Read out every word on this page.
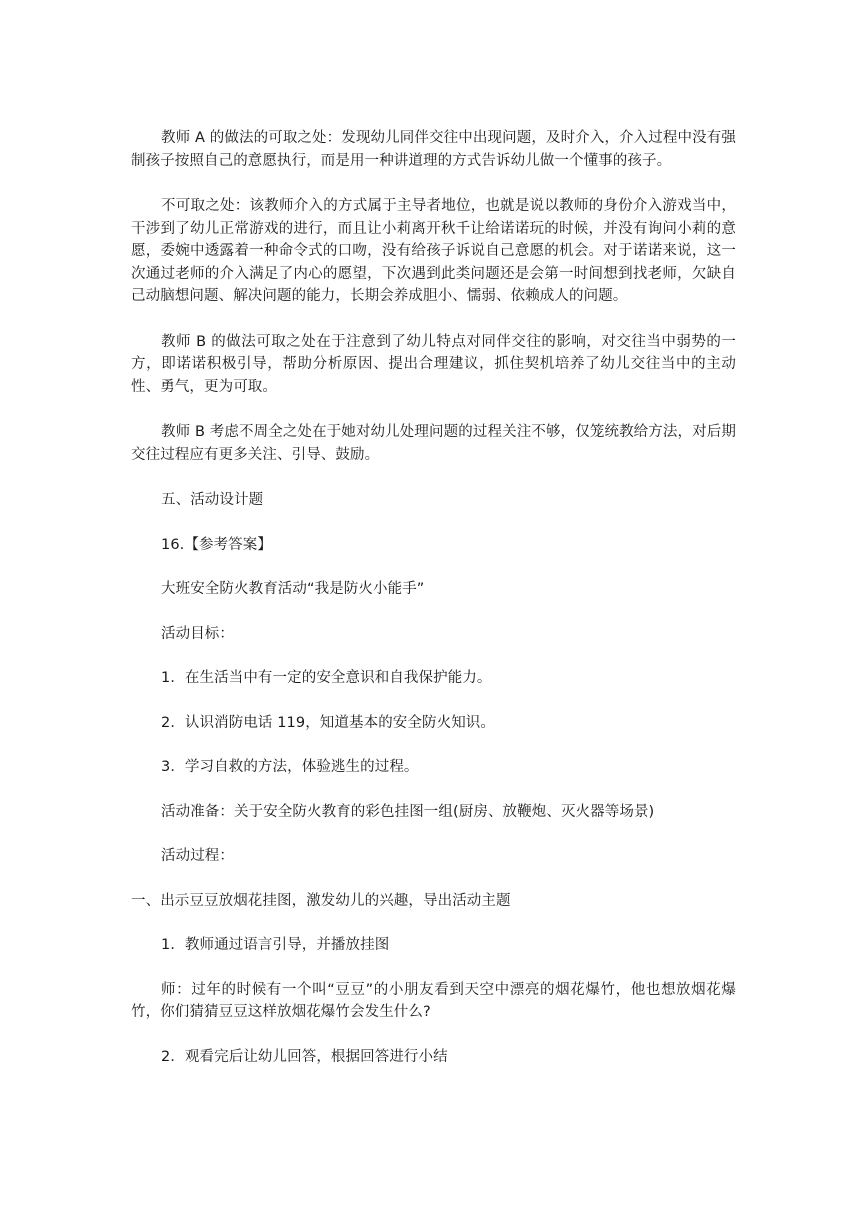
教师 A 的做法的可取之处：发现幼儿同伴交往中出现问题，及时介入，介入过程中没有强制孩子按照自己的意愿执行，而是用一种讲道理的方式告诉幼儿做一个懂事的孩子。

不可取之处：该教师介入的方式属于主导者地位，也就是说以教师的身份介入游戏当中，干涉到了幼儿正常游戏的进行，而且让小莉离开秋千让给诺诺玩的时候，并没有询问小莉的意愿，委婉中透露着一种命令式的口吻，没有给孩子诉说自己意愿的机会。对于诺诺来说，这一次通过老师的介入满足了内心的愿望，下次遇到此类问题还是会第一时间想到找老师，欠缺自己动脑想问题、解决问题的能力，长期会养成胆小、懦弱、依赖成人的问题。

教师 B 的做法可取之处在于注意到了幼儿特点对同伴交往的影响，对交往当中弱势的一方，即诺诺积极引导，帮助分析原因、提出合理建议，抓住契机培养了幼儿交往当中的主动性、勇气，更为可取。

教师 B 考虑不周全之处在于她对幼儿处理问题的过程关注不够，仅笼统教给方法，对后期交往过程应有更多关注、引导、鼓励。

五、活动设计题

16.【参考答案】

大班安全防火教育活动“我是防火小能手”

活动目标：

1．在生活当中有一定的安全意识和自我保护能力。

2．认识消防电话 119，知道基本的安全防火知识。

3．学习自救的方法，体验逃生的过程。

活动准备：关于安全防火教育的彩色挂图一组(厨房、放鞭炮、灭火器等场景)

活动过程：

一、出示豆豆放烟花挂图，激发幼儿的兴趣，导出活动主题

1．教师通过语言引导，并播放挂图

师：过年的时候有一个叫“豆豆”的小朋友看到天空中漂亮的烟花爆竹，他也想放烟花爆竹，你们猜猜豆豆这样放烟花爆竹会发生什么?

2．观看完后让幼儿回答，根据回答进行小结
